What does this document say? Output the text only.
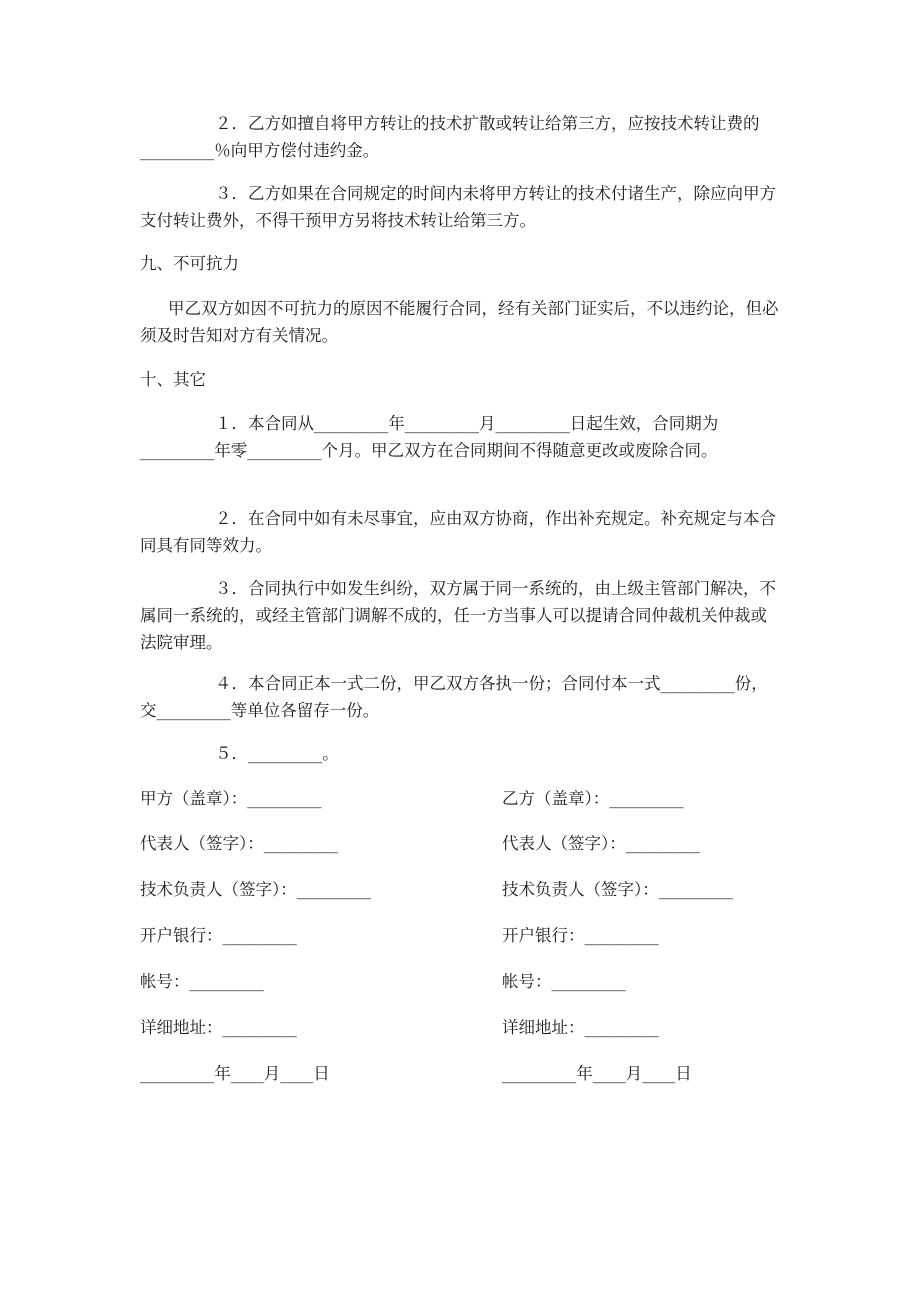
２．乙方如擅自将甲方转让的技术扩散或转让给第三方，应按技术转让费的_________％向甲方偿付违约金。

３．乙方如果在合同规定的时间内未将甲方转让的技术付诸生产，除应向甲方支付转让费外，不得干预甲方另将技术转让给第三方。

九、不可抗力

甲乙双方如因不可抗力的原因不能履行合同，经有关部门证实后，不以违约论，但必须及时告知对方有关情况。

十、其它

１．本合同从_________年_________月_________日起生效，合同期为_________年零_________个月。甲乙双方在合同期间不得随意更改或废除合同。

２．在合同中如有未尽事宜，应由双方协商，作出补充规定。补充规定与本合同具有同等效力。

３．合同执行中如发生纠纷，双方属于同一系统的，由上级主管部门解决，不属同一系统的，或经主管部门调解不成的，任一方当事人可以提请合同仲裁机关仲裁或法院审理。

４．本合同正本一式二份，甲乙双方各执一份；合同付本一式_________份，交_________等单位各留存一份。

５．_________。

甲方（盖章）：_________

代表人（签字）：_________

技术负责人（签字）：_________

开户银行：_________

帐号：_________

详细地址：_________

_________年____月____日

乙方（盖章）：_________

代表人（签字）：_________

技术负责人（签字）：_________

开户银行：_________

帐号：_________

详细地址：_________

_________年____月____日
